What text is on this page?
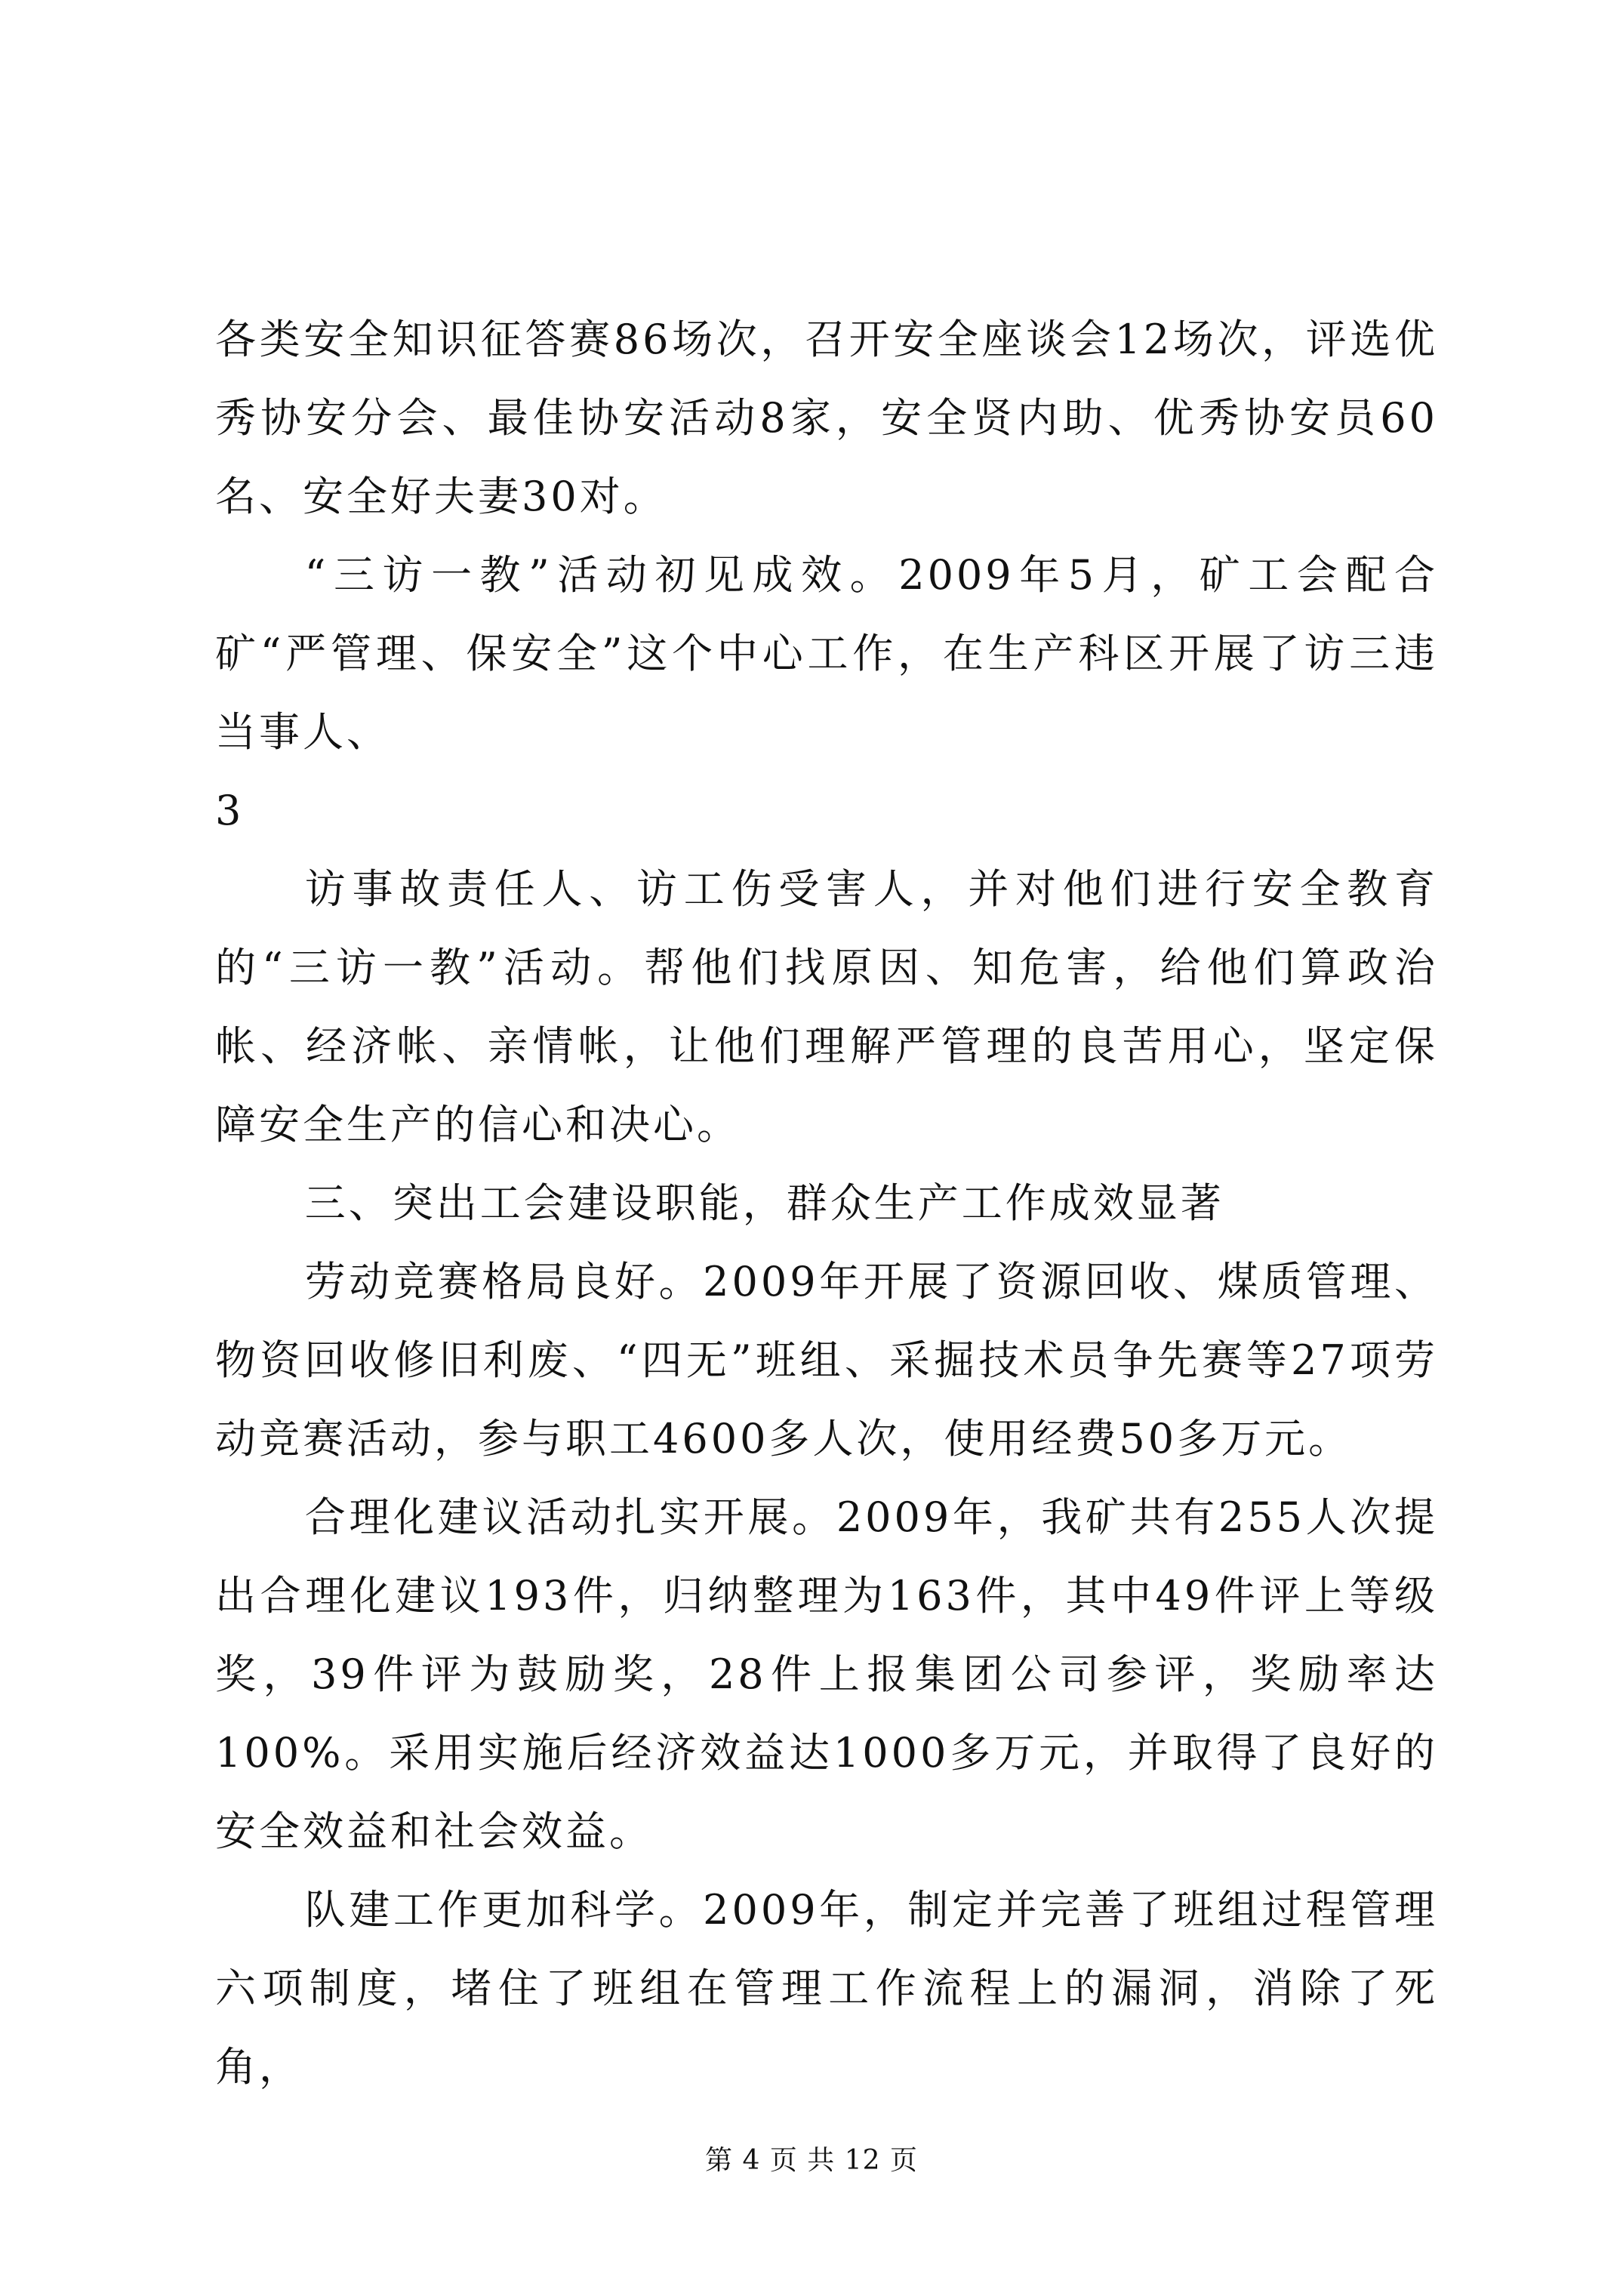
各类安全知识征答赛86场次，召开安全座谈会12场次，评选优秀协安分会、最佳协安活动8家，安全贤内助、优秀协安员60名、安全好夫妻30对。

“三访一教”活动初见成效。2009年5月，矿工会配合矿“严管理、保安全”这个中心工作，在生产科区开展了访三违当事人、

3

访事故责任人、访工伤受害人，并对他们进行安全教育的“三访一教”活动。帮他们找原因、知危害，给他们算政治帐、经济帐、亲情帐，让他们理解严管理的良苦用心，坚定保障安全生产的信心和决心。

三、突出工会建设职能，群众生产工作成效显著

劳动竞赛格局良好。2009年开展了资源回收、煤质管理、物资回收修旧利废、“四无”班组、采掘技术员争先赛等27项劳动竞赛活动，参与职工4600多人次，使用经费50多万元。

合理化建议活动扎实开展。2009年，我矿共有255人次提出合理化建议193件，归纳整理为163件，其中49件评上等级奖，39件评为鼓励奖，28件上报集团公司参评，奖励率达100%。采用实施后经济效益达1000多万元，并取得了良好的安全效益和社会效益。

队建工作更加科学。2009年，制定并完善了班组过程管理六项制度，堵住了班组在管理工作流程上的漏洞，消除了死角，

第 4 页 共 12 页
